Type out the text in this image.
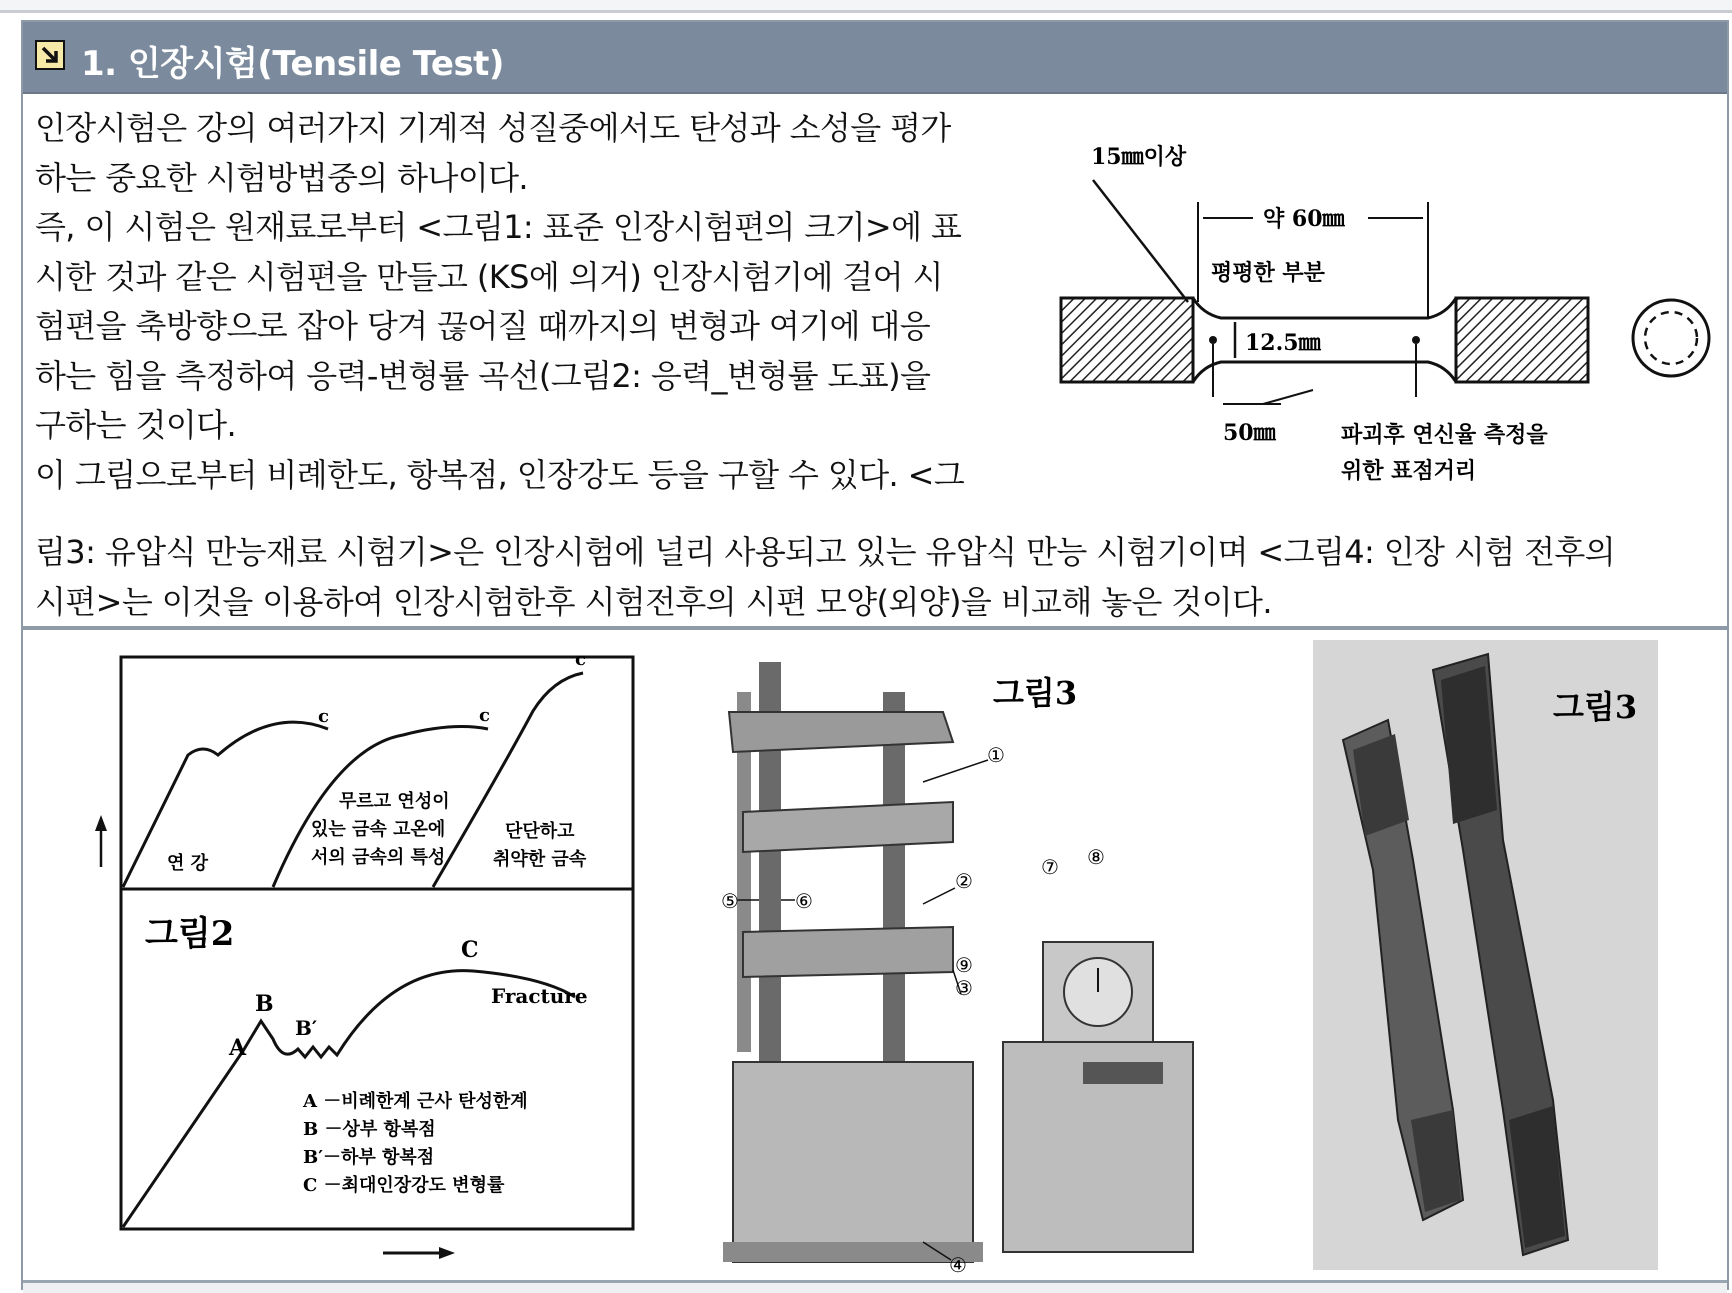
1. 인장시험(Tensile Test)
인장시험은 강의 여러가지 기계적 성질중에서도 탄성과 소성을 평가
하는 중요한 시험방법중의 하나이다.
즉, 이 시험은 원재료로부터 <그림1: 표준 인장시험편의 크기>에 표
시한 것과 같은 시험편을 만들고 (KS에 의거) 인장시험기에 걸어 시
험편을 축방향으로 잡아 당겨 끊어질 때까지의 변형과 여기에 대응
하는 힘을 측정하여 응력-변형률 곡선(그림2: 응력_변형률 도표)을
구하는 것이다.
이 그림으로부터 비례한도, 항복점, 인장강도 등을 구할 수 있다. <그
림3: 유압식 만능재료 시험기>은 인장시험에 널리 사용되고 있는 유압식 만능 시험기이며 <그림4: 인장 시험 전후의
시편>는 이것을 이용하여 인장시험한후 시험전후의 시편 모양(외양)을 비교해 놓은 것이다.
15㎜이상
약 60㎜
평평한 부분
12.5㎜
50㎜	파괴후 연신율 측정을
위한 표점거리
c
연 강
c
무르고 연성이
있는 금속 고온에
서의 금속의 특성
c
단단하고
취약한 금속
그림2
A
B
B′
C
Fracture
A －비례한계 근사 탄성한계
B －상부 항복점
B′－하부 항복점
C －최대인장강도 변형률
그림3
①
②
③
④
⑤	⑥
⑦ ⑧
⑨
그림3
